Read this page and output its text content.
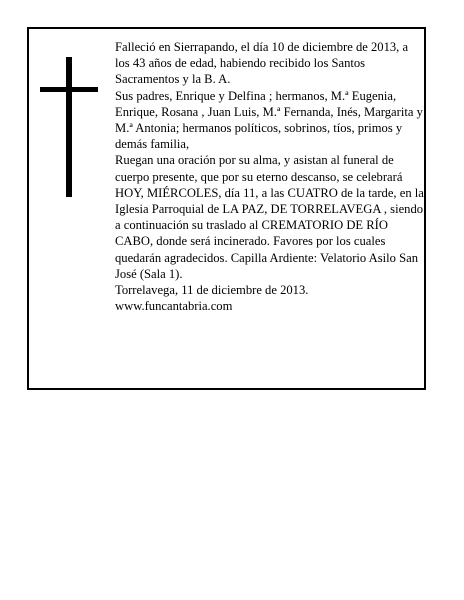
Falleció en Sierrapando, el día 10 de diciembre de 2013, a los 43 años de edad, habiendo recibido los Santos Sacramentos y la B. A.

Sus padres, Enrique y Delfina ; hermanos, M.ª Eugenia, Enrique, Rosana , Juan Luis, M.ª Fernanda, Inés, Margarita y M.ª Antonia; hermanos políticos, sobrinos, tíos, primos y demás familia,

Ruegan una oración por su alma, y asistan al funeral de cuerpo presente, que por su eterno descanso, se celebrará HOY, MIÉRCOLES, día 11, a las CUATRO de la tarde, en la Iglesia Parroquial de LA PAZ, DE TORRELAVEGA , siendo a continuación su traslado al CREMATORIO DE RÍO CABO, donde será incinerado. Favores por los cuales quedarán agradecidos. Capilla Ardiente: Velatorio Asilo San José (Sala 1).

Torrelavega, 11 de diciembre de 2013.

www.funcantabria.com
